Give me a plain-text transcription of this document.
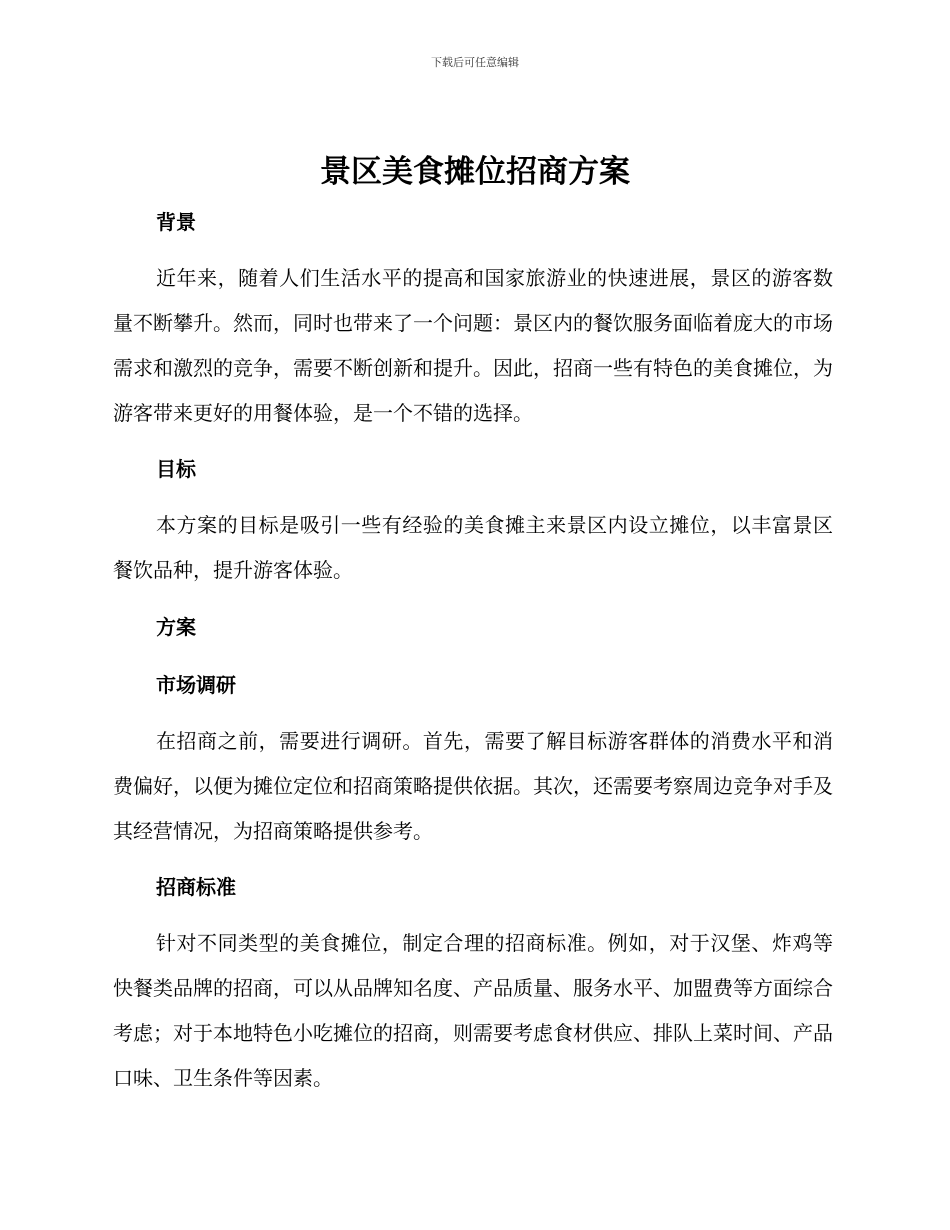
下载后可任意编辑
景区美食摊位招商方案
背景

近年来，随着人们生活水平的提高和国家旅游业的快速进展，景区的游客数量不断攀升。然而，同时也带来了一个问题：景区内的餐饮服务面临着庞大的市场需求和激烈的竞争，需要不断创新和提升。因此，招商一些有特色的美食摊位，为游客带来更好的用餐体验，是一个不错的选择。

目标

本方案的目标是吸引一些有经验的美食摊主来景区内设立摊位，以丰富景区餐饮品种，提升游客体验。

方案
市场调研

在招商之前，需要进行调研。首先，需要了解目标游客群体的消费水平和消费偏好，以便为摊位定位和招商策略提供依据。其次，还需要考察周边竞争对手及其经营情况，为招商策略提供参考。

招商标准

针对不同类型的美食摊位，制定合理的招商标准。例如，对于汉堡、炸鸡等快餐类品牌的招商，可以从品牌知名度、产品质量、服务水平、加盟费等方面综合考虑；对于本地特色小吃摊位的招商，则需要考虑食材供应、排队上菜时间、产品口味、卫生条件等因素。
